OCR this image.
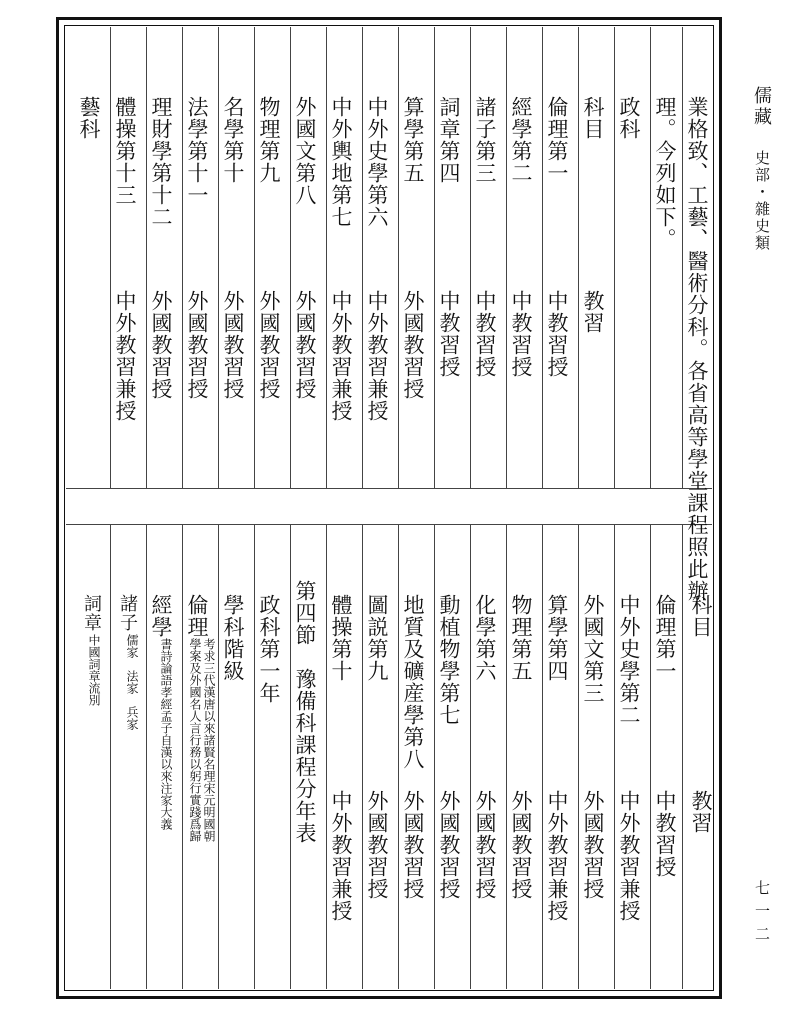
儒藏
史部・雜史類
七一二
業格致、工藝、醫術分科。各省高等學堂課程照此辦
理。今列如下。
政科
科目
教習
倫理第一
中教習授
經學第二
中教習授
諸子第三
中教習授
詞章第四
中教習授
算學第五
外國教習授
中外史學第六
中外教習兼授
中外輿地第七
中外教習兼授
外國文第八
外國教習授
物理第九
外國教習授
名學第十
外國教習授
法學第十一
外國教習授
理財學第十二
外國教習授
體操第十三
中外教習兼授
藝科
科目
教習
倫理第一
中教習授
中外史學第二
中外教習兼授
外國文第三
外國教習授
算學第四
中外教習兼授
物理第五
外國教習授
化學第六
外國教習授
動植物學第七
外國教習授
地質及礦産學第八
外國教習授
圖説第九
外國教習授
體操第十
中外教習兼授
第四節　豫備科課程分年表
政科第一年
學科階級
倫理
考求三代漢唐以來諸賢名理宋元明國朝
學案及外國名人言行務以躬行實踐爲歸
經學
書詩論語孝經孟子自漢以來注家大義
諸子
儒家　法家　兵家
詞章
中國詞章流別
